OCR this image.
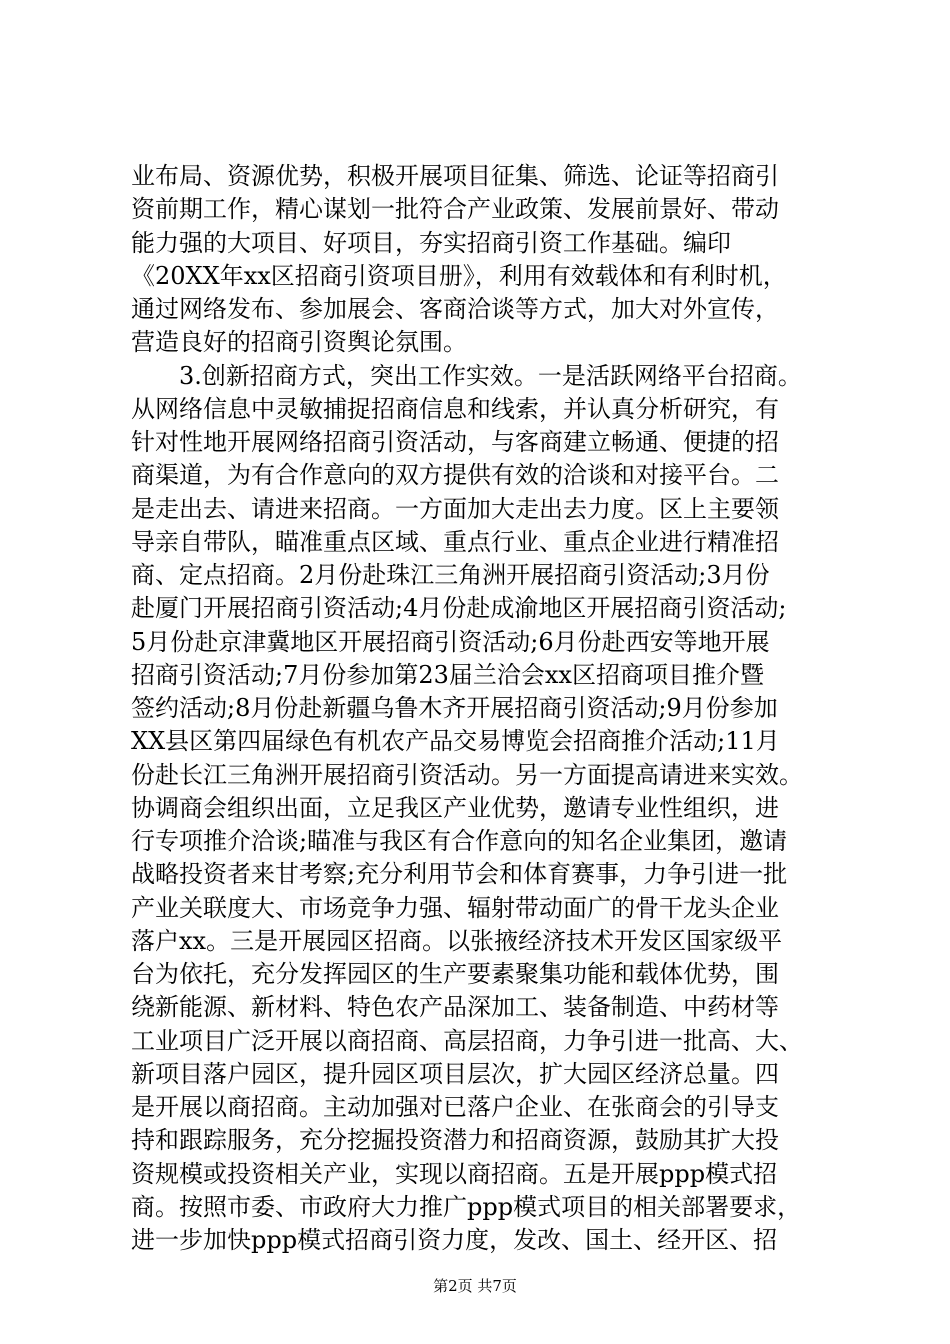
业布局、资源优势，积极开展项目征集、筛选、论证等招商引
资前期工作，精心谋划一批符合产业政策、发展前景好、带动
能力强的大项目、好项目，夯实招商引资工作基础。编印
《20XX年xx区招商引资项目册》，利用有效载体和有利时机，
通过网络发布、参加展会、客商洽谈等方式，加大对外宣传，
营造良好的招商引资舆论氛围。
　　3.创新招商方式，突出工作实效。一是活跃网络平台招商。
从网络信息中灵敏捕捉招商信息和线索，并认真分析研究，有
针对性地开展网络招商引资活动，与客商建立畅通、便捷的招
商渠道，为有合作意向的双方提供有效的洽谈和对接平台。二
是走出去、请进来招商。一方面加大走出去力度。区上主要领
导亲自带队，瞄准重点区域、重点行业、重点企业进行精准招
商、定点招商。2月份赴珠江三角洲开展招商引资活动;3月份
赴厦门开展招商引资活动;4月份赴成渝地区开展招商引资活动;
5月份赴京津冀地区开展招商引资活动;6月份赴西安等地开展
招商引资活动;7月份参加第23届兰洽会xx区招商项目推介暨
签约活动;8月份赴新疆乌鲁木齐开展招商引资活动;9月份参加
XX县区第四届绿色有机农产品交易博览会招商推介活动;11月
份赴长江三角洲开展招商引资活动。另一方面提高请进来实效。
协调商会组织出面，立足我区产业优势，邀请专业性组织，进
行专项推介洽谈;瞄准与我区有合作意向的知名企业集团，邀请
战略投资者来甘考察;充分利用节会和体育赛事，力争引进一批
产业关联度大、市场竞争力强、辐射带动面广的骨干龙头企业
落户xx。三是开展园区招商。以张掖经济技术开发区国家级平
台为依托，充分发挥园区的生产要素聚集功能和载体优势，围
绕新能源、新材料、特色农产品深加工、装备制造、中药材等
工业项目广泛开展以商招商、高层招商，力争引进一批高、大、
新项目落户园区，提升园区项目层次，扩大园区经济总量。四
是开展以商招商。主动加强对已落户企业、在张商会的引导支
持和跟踪服务，充分挖掘投资潜力和招商资源，鼓励其扩大投
资规模或投资相关产业，实现以商招商。五是开展ppp模式招
商。按照市委、市政府大力推广ppp模式项目的相关部署要求，
进一步加快ppp模式招商引资力度，发改、国土、经开区、招
第2页 共7页
